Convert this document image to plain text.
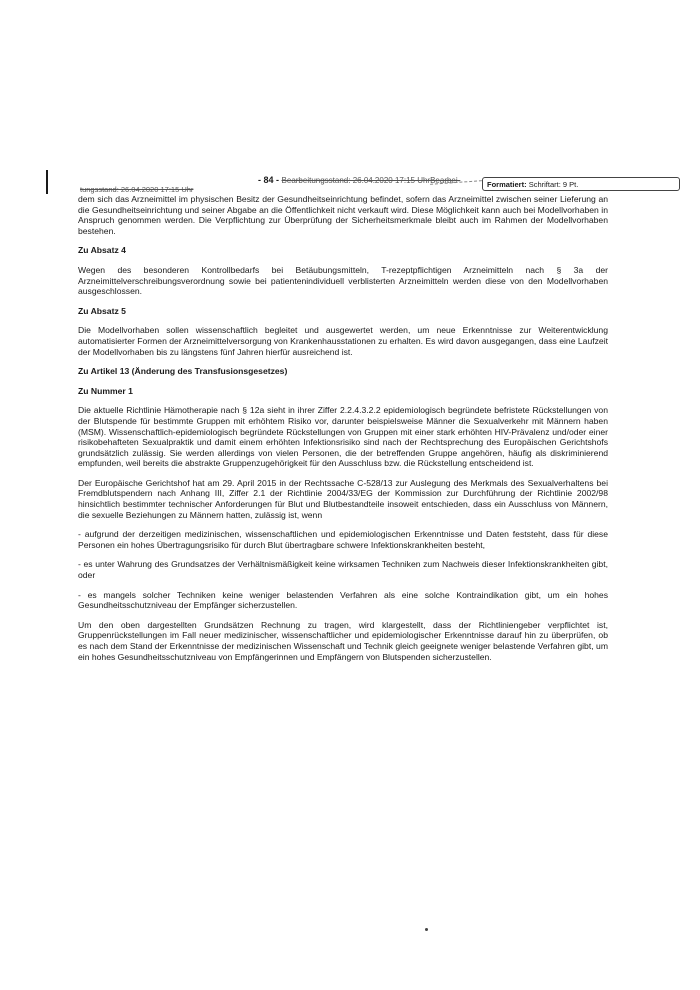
- 84 - Bearbeitungsstand: 26.04.2020 17:15 UhrBearbei-
tungsstand: 26.04.2020 17:15 Uhr
Formatiert: Schriftart: 9 Pt.

dem sich das Arzneimittel im physischen Besitz der Gesundheitseinrichtung befindet, sofern das Arzneimittel zwischen seiner Lieferung an die Gesundheitseinrichtung und seiner Abgabe an die Öffentlichkeit nicht verkauft wird. Diese Möglichkeit kann auch bei Modellvorhaben in Anspruch genommen werden. Die Verpflichtung zur Überprüfung der Sicherheitsmerkmale bleibt auch im Rahmen der Modellvorhaben bestehen.

Zu Absatz 4

Wegen des besonderen Kontrollbedarfs bei Betäubungsmitteln, T-rezeptpflichtigen Arzneimitteln nach § 3a der Arzneimittelverschreibungsverordnung sowie bei patientenindividuell verblisterten Arzneimitteln werden diese von den Modellvorhaben ausgeschlossen.

Zu Absatz 5

Die Modellvorhaben sollen wissenschaftlich begleitet und ausgewertet werden, um neue Erkenntnisse zur Weiterentwicklung automatisierter Formen der Arzneimittelversorgung von Krankenhausstationen zu erhalten. Es wird davon ausgegangen, dass eine Laufzeit der Modellvorhaben bis zu längstens fünf Jahren hierfür ausreichend ist.

Zu Artikel 13 (Änderung des Transfusionsgesetzes)
Zu Nummer 1

Die aktuelle Richtlinie Hämotherapie nach § 12a sieht in ihrer Ziffer 2.2.4.3.2.2 epidemiologisch begründete befristete Rückstellungen von der Blutspende für bestimmte Gruppen mit erhöhtem Risiko vor, darunter beispielsweise Männer die Sexualverkehr mit Männern haben (MSM). Wissenschaftlich-epidemiologisch begründete Rückstellungen von Gruppen mit einer stark erhöhten HIV-Prävalenz und/oder einer risikobehafteten Sexualpraktik und damit einem erhöhten Infektionsrisiko sind nach der Rechtsprechung des Europäischen Gerichtshofs grundsätzlich zulässig. Sie werden allerdings von vielen Personen, die der betreffenden Gruppe angehören, häufig als diskriminierend empfunden, weil bereits die abstrakte Gruppenzugehörigkeit für den Ausschluss bzw. die Rückstellung entscheidend ist.

Der Europäische Gerichtshof hat am 29. April 2015 in der Rechtssache C-528/13 zur Auslegung des Merkmals des Sexualverhaltens bei Fremdblutspendern nach Anhang III, Ziffer 2.1 der Richtlinie 2004/33/EG der Kommission zur Durchführung der Richtlinie 2002/98 hinsichtlich bestimmter technischer Anforderungen für Blut und Blutbestandteile insoweit entschieden, dass ein Ausschluss von Männern, die sexuelle Beziehungen zu Männern hatten, zulässig ist, wenn

- aufgrund der derzeitigen medizinischen, wissenschaftlichen und epidemiologischen Erkenntnisse und Daten feststeht, dass für diese Personen ein hohes Übertragungsrisiko für durch Blut übertragbare schwere Infektionskrankheiten besteht,

- es unter Wahrung des Grundsatzes der Verhältnismäßigkeit keine wirksamen Techniken zum Nachweis dieser Infektionskrankheiten gibt, oder

- es mangels solcher Techniken keine weniger belastenden Verfahren als eine solche Kontraindikation gibt, um ein hohes Gesundheitsschutzniveau der Empfänger sicherzustellen.

Um den oben dargestellten Grundsätzen Rechnung zu tragen, wird klargestellt, dass der Richtliniengeber verpflichtet ist, Gruppenrückstellungen im Fall neuer medizinischer, wissenschaftlicher und epidemiologischer Erkenntnisse darauf hin zu überprüfen, ob es nach dem Stand der Erkenntnisse der medizinischen Wissenschaft und Technik gleich geeignete weniger belastende Verfahren gibt, um ein hohes Gesundheitsschutzniveau von Empfängerinnen und Empfängern von Blutspenden sicherzustellen.
